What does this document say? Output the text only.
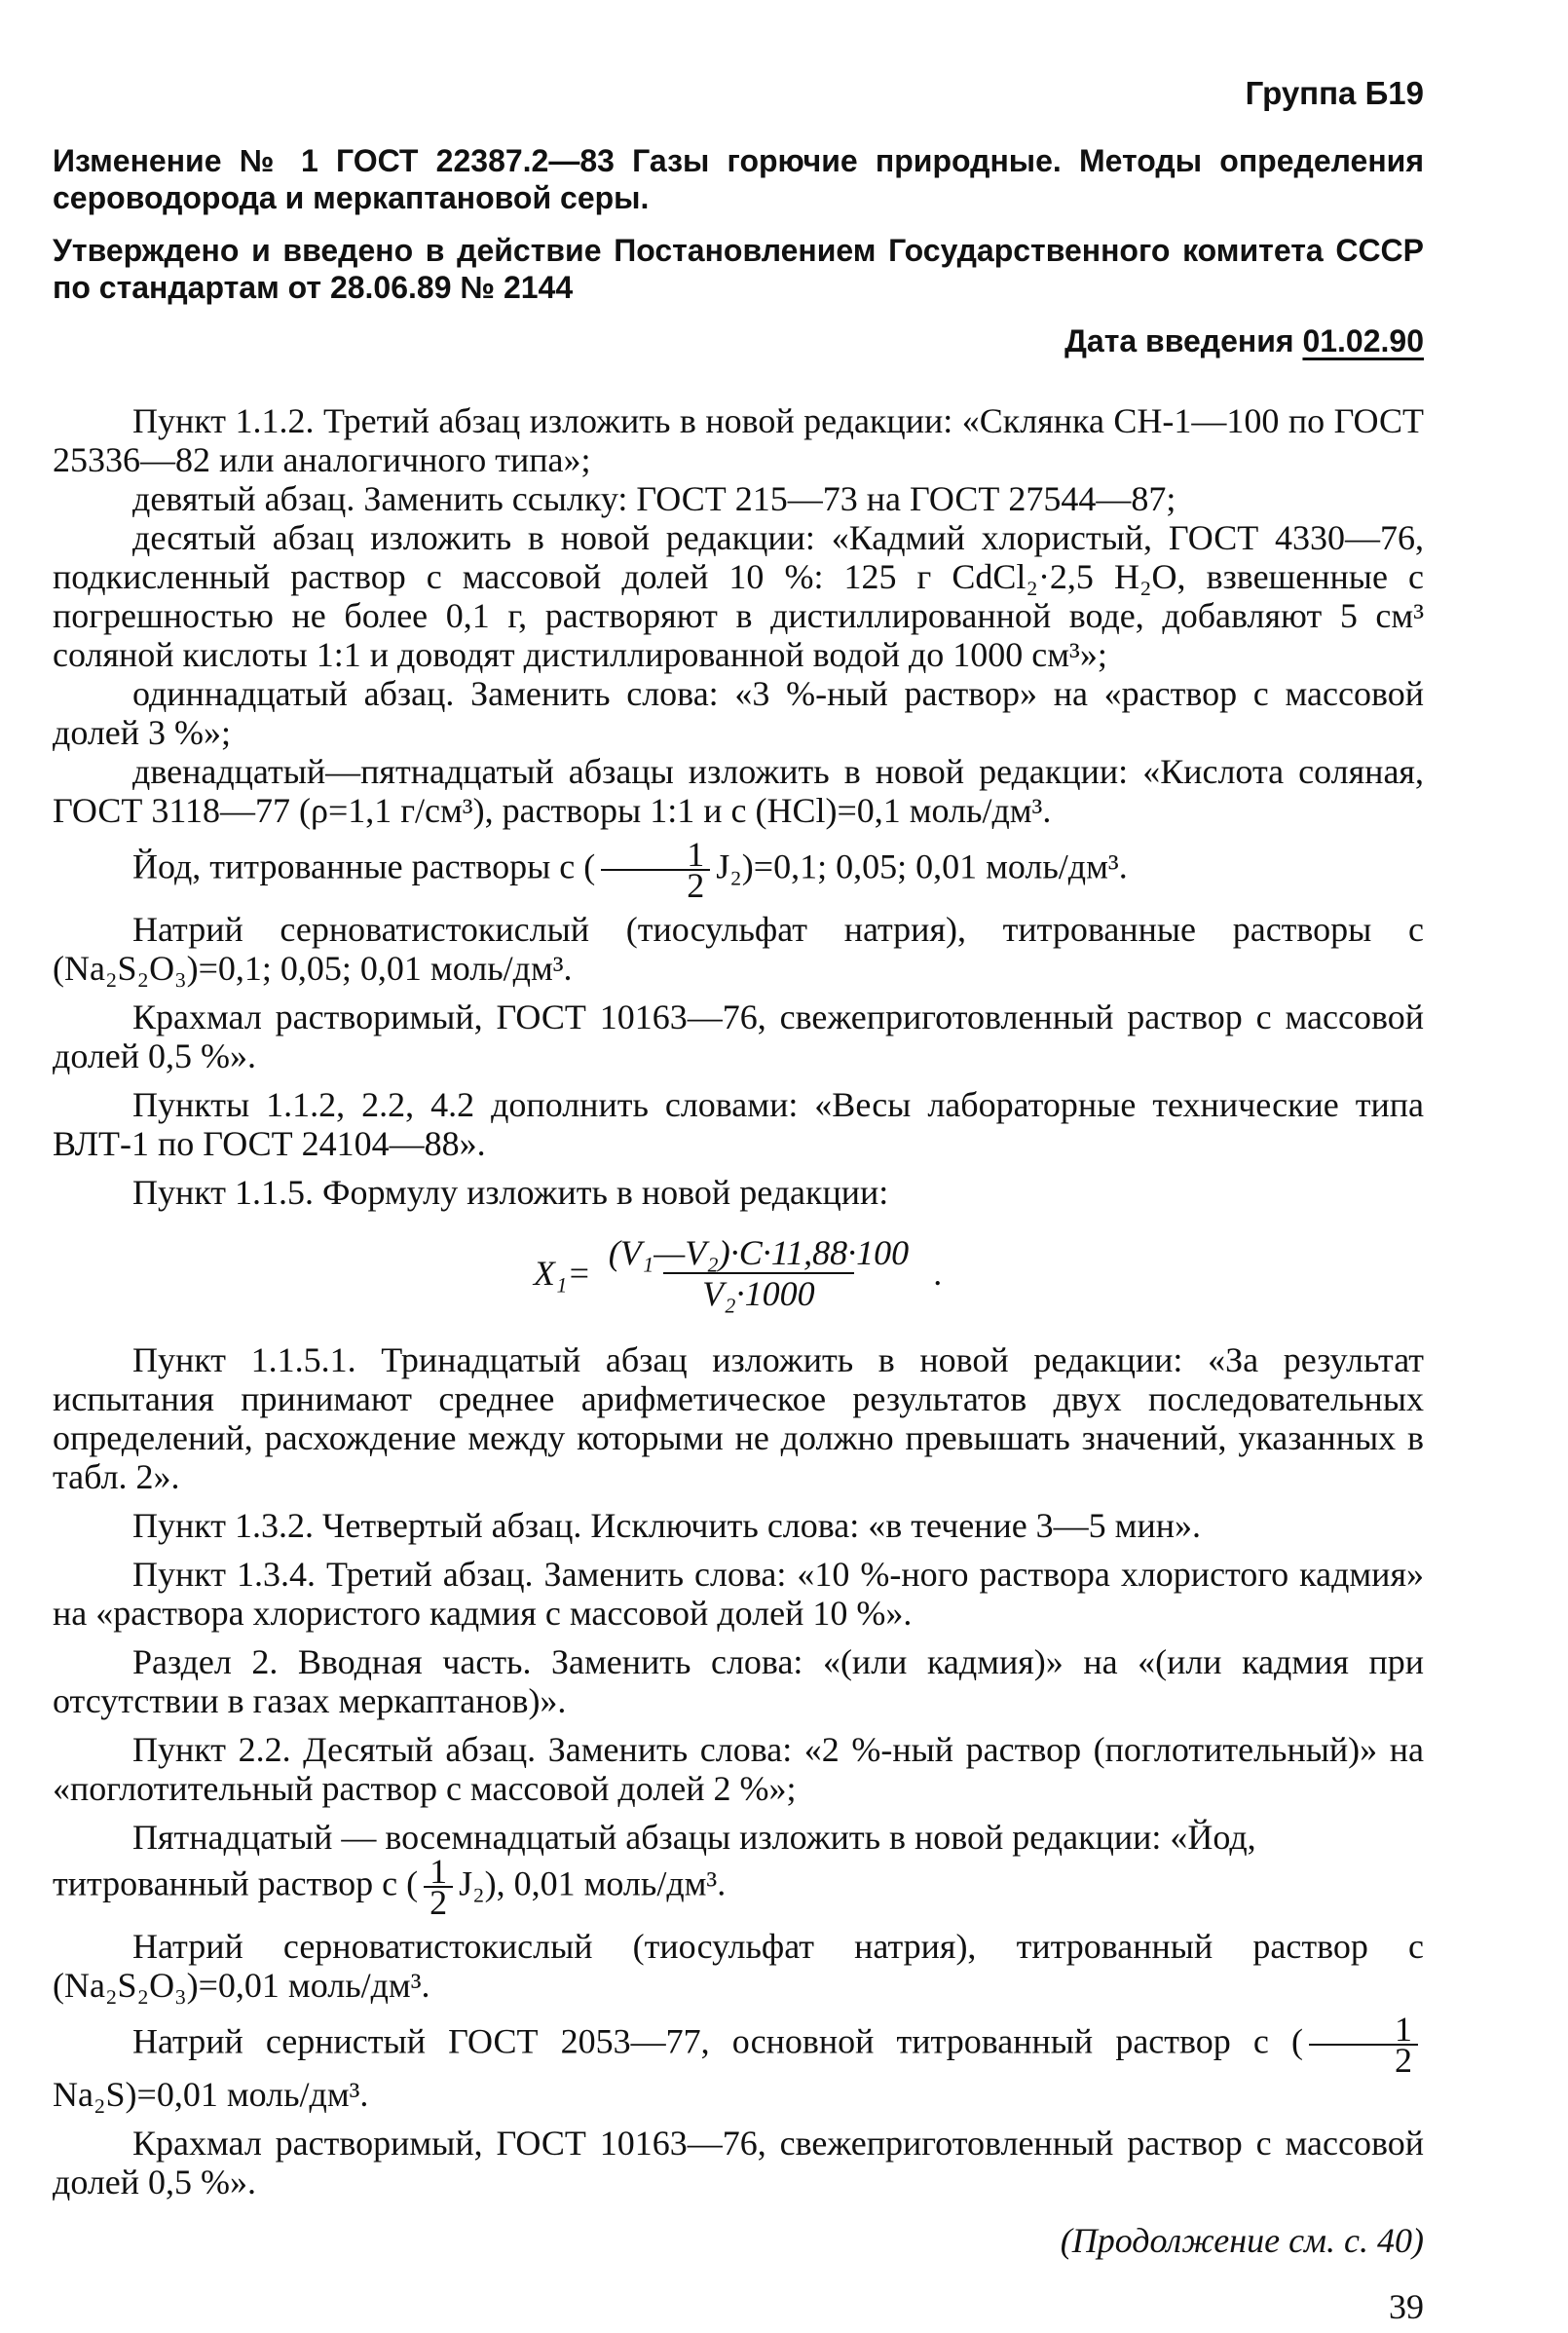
Группа Б19
Изменение № 1 ГОСТ 22387.2—83 Газы горючие природные. Методы определения сероводорода и меркаптановой серы.
Утверждено и введено в действие Постановлением Государственного комитета СССР по стандартам от 28.06.89 № 2144
Дата введения 01.02.90

Пункт 1.1.2. Третий абзац изложить в новой редакции: «Склянка СН-1—100 по ГОСТ 25336—82 или аналогичного типа»;

девятый абзац. Заменить ссылку: ГОСТ 215—73 на ГОСТ 27544—87;

десятый абзац изложить в новой редакции: «Кадмий хлористый, ГОСТ 4330—76, подкисленный раствор с массовой долей 10 %: 125 г CdCl₂·2,5 H₂O, взвешенные с погрешностью не более 0,1 г, растворяют в дистиллированной воде, добавляют 5 см³ соляной кислоты 1:1 и доводят дистиллированной водой до 1000 см³»;

одиннадцатый абзац. Заменить слова: «3 %-ный раствор» на «раствор с массовой долей 3 %»;

двенадцатый—пятнадцатый абзацы изложить в новой редакции: «Кислота соляная, ГОСТ 3118—77 (ρ=1,1 г/см³), растворы 1:1 и с (HCl)=0,1 моль/дм³.

Йод, титрованные растворы с ( $\frac{1}{2} J_2)=0,1$; 0,05; 0,01 моль/дм³.

Натрий серноватистокислый (тиосульфат натрия), титрованные растворы с (Na₂S₂O₃)=0,1; 0,05; 0,01 моль/дм³.

Крахмал растворимый, ГОСТ 10163—76, свежеприготовленный раствор с массовой долей 0,5 %».

Пункты 1.1.2, 2.2, 4.2 дополнить словами: «Весы лабораторные технические типа ВЛТ-1 по ГОСТ 24104—88».

Пункт 1.1.5. Формулу изложить в новой редакции:

$X_1= \frac{\text{(V₁—V₂)·C·11,88·100}}{\text{V₂·1000}}$ .

Пункт 1.1.5.1. Тринадцатый абзац изложить в новой редакции: «За результат испытания принимают среднее арифметическое результатов двух последовательных определений, расхождение между которыми не должно превышать значений, указанных в табл. 2».

Пункт 1.3.2. Четвертый абзац. Исключить слова: «в течение 3—5 мин».

Пункт 1.3.4. Третий абзац. Заменить слова: «10 %-ного раствора хлористого кадмия» на «раствора хлористого кадмия с массовой долей 10 %».

Раздел 2. Вводная часть. Заменить слова: «(или кадмия)» на «(или кадмия при отсутствии в газах меркаптанов)».

Пункт 2.2. Десятый абзац. Заменить слова: «2 %-ный раствор (поглотительный)» на «поглотительный раствор с массовой долей 2 %»;

Пятнадцатый — восемнадцатый абзацы изложить в новой редакции: «Йод,

титрованный раствор с ( $\frac{1}{2} J_2$), 0,01 моль/дм³.

Натрий серноватистокислый (тиосульфат натрия), титрованный раствор с (Na₂S₂O₃)=0,01 моль/дм³.

Натрий сернистый ГОСТ 2053—77, основной титрованный раствор с ( $\frac{1}{2}$
Na₂S)=0,01 моль/дм³.

Крахмал растворимый, ГОСТ 10163—76, свежеприготовленный раствор с массовой долей 0,5 %».

(Продолжение см. с. 40)
39
